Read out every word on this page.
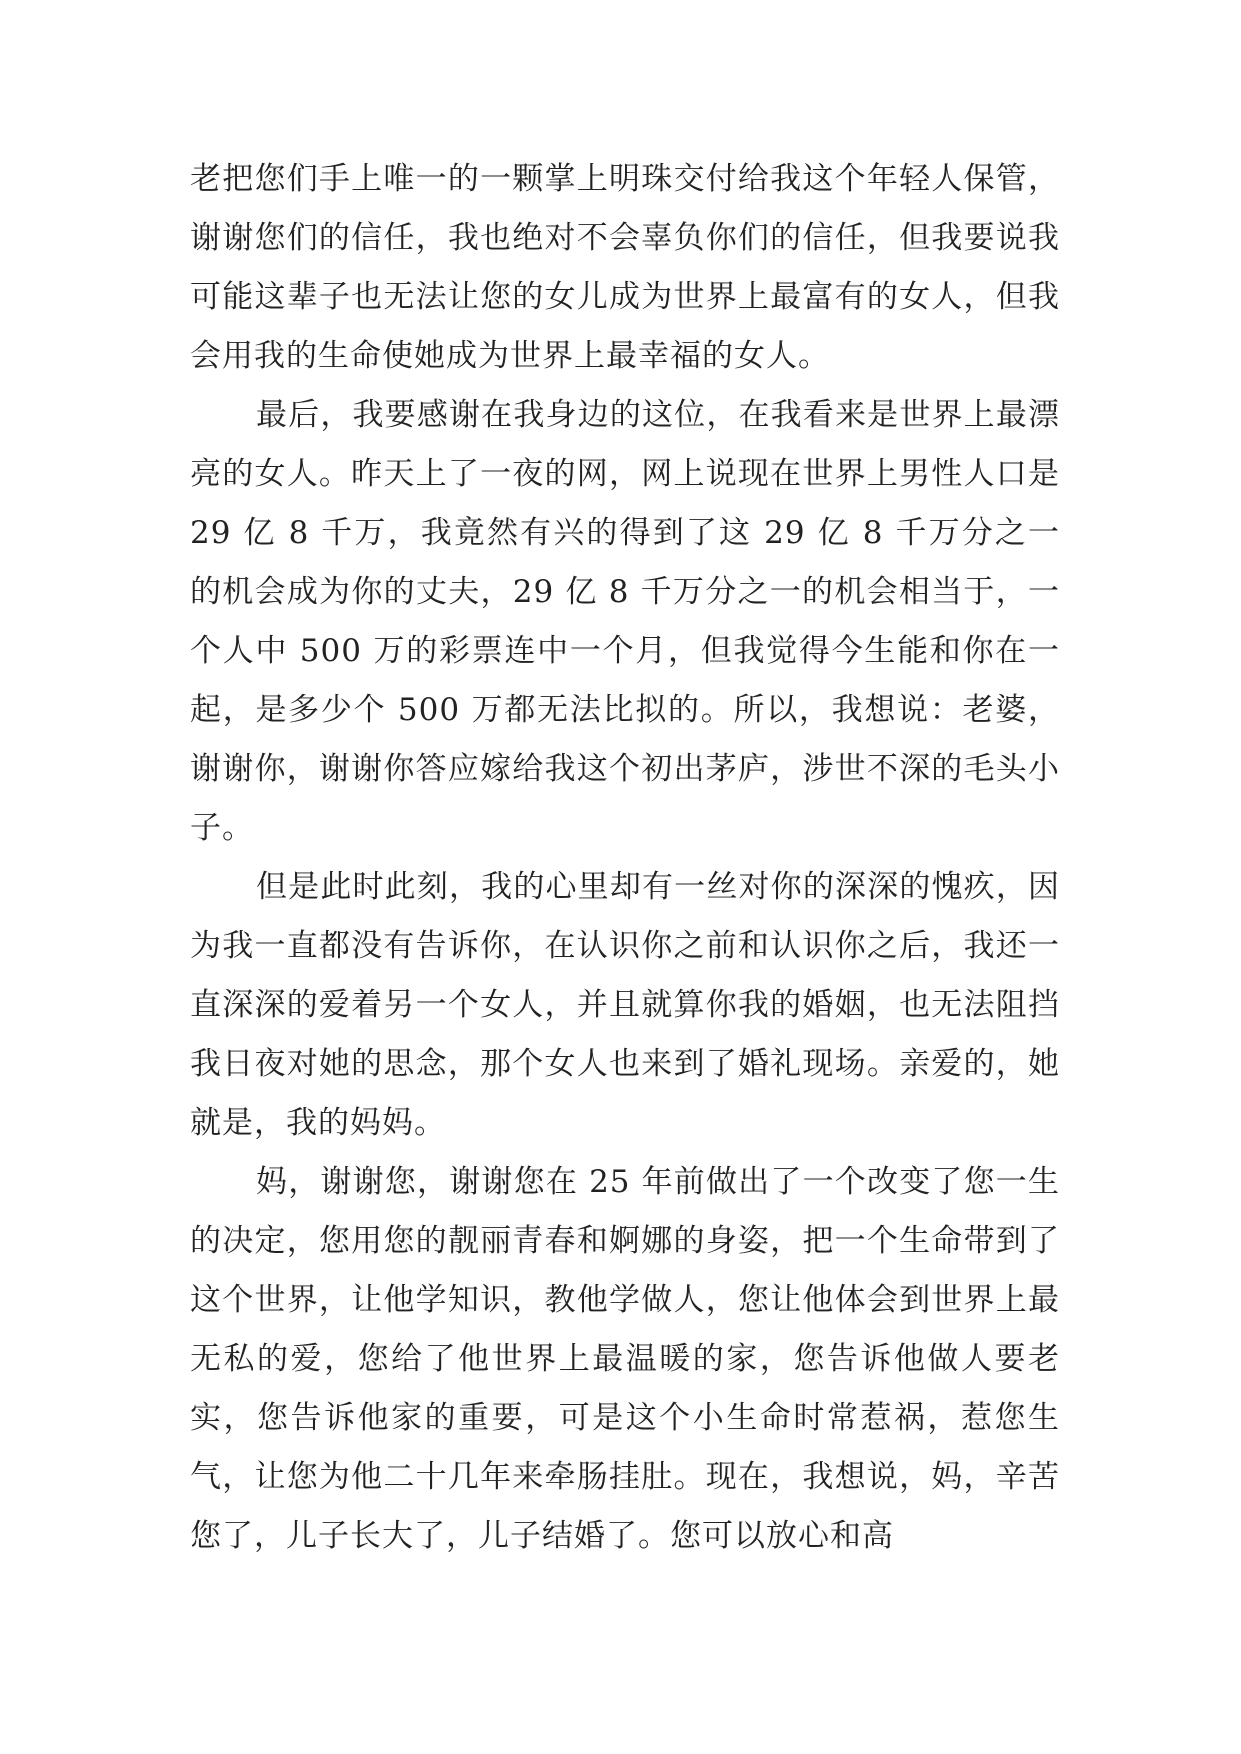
老把您们手上唯一的一颗掌上明珠交付给我这个年轻人保管，谢谢您们的信任，我也绝对不会辜负你们的信任，但我要说我可能这辈子也无法让您的女儿成为世界上最富有的女人，但我会用我的生命使她成为世界上最幸福的女人。

最后，我要感谢在我身边的这位，在我看来是世界上最漂亮的女人。昨天上了一夜的网，网上说现在世界上男性人口是 29 亿 8 千万，我竟然有兴的得到了这 29 亿 8 千万分之一的机会成为你的丈夫，29 亿 8 千万分之一的机会相当于，一个人中 500 万的彩票连中一个月，但我觉得今生能和你在一起，是多少个 500 万都无法比拟的。所以，我想说：老婆，谢谢你，谢谢你答应嫁给我这个初出茅庐，涉世不深的毛头小子。

但是此时此刻，我的心里却有一丝对你的深深的愧疚，因为我一直都没有告诉你，在认识你之前和认识你之后，我还一直深深的爱着另一个女人，并且就算你我的婚姻，也无法阻挡我日夜对她的思念，那个女人也来到了婚礼现场。亲爱的，她就是，我的妈妈。

妈，谢谢您，谢谢您在 25 年前做出了一个改变了您一生的决定，您用您的靓丽青春和婀娜的身姿，把一个生命带到了这个世界，让他学知识，教他学做人，您让他体会到世界上最无私的爱，您给了他世界上最温暖的家，您告诉他做人要老实，您告诉他家的重要，可是这个小生命时常惹祸，惹您生气，让您为他二十几年来牵肠挂肚。现在，我想说，妈，辛苦您了，儿子长大了，儿子结婚了。您可以放心和高
